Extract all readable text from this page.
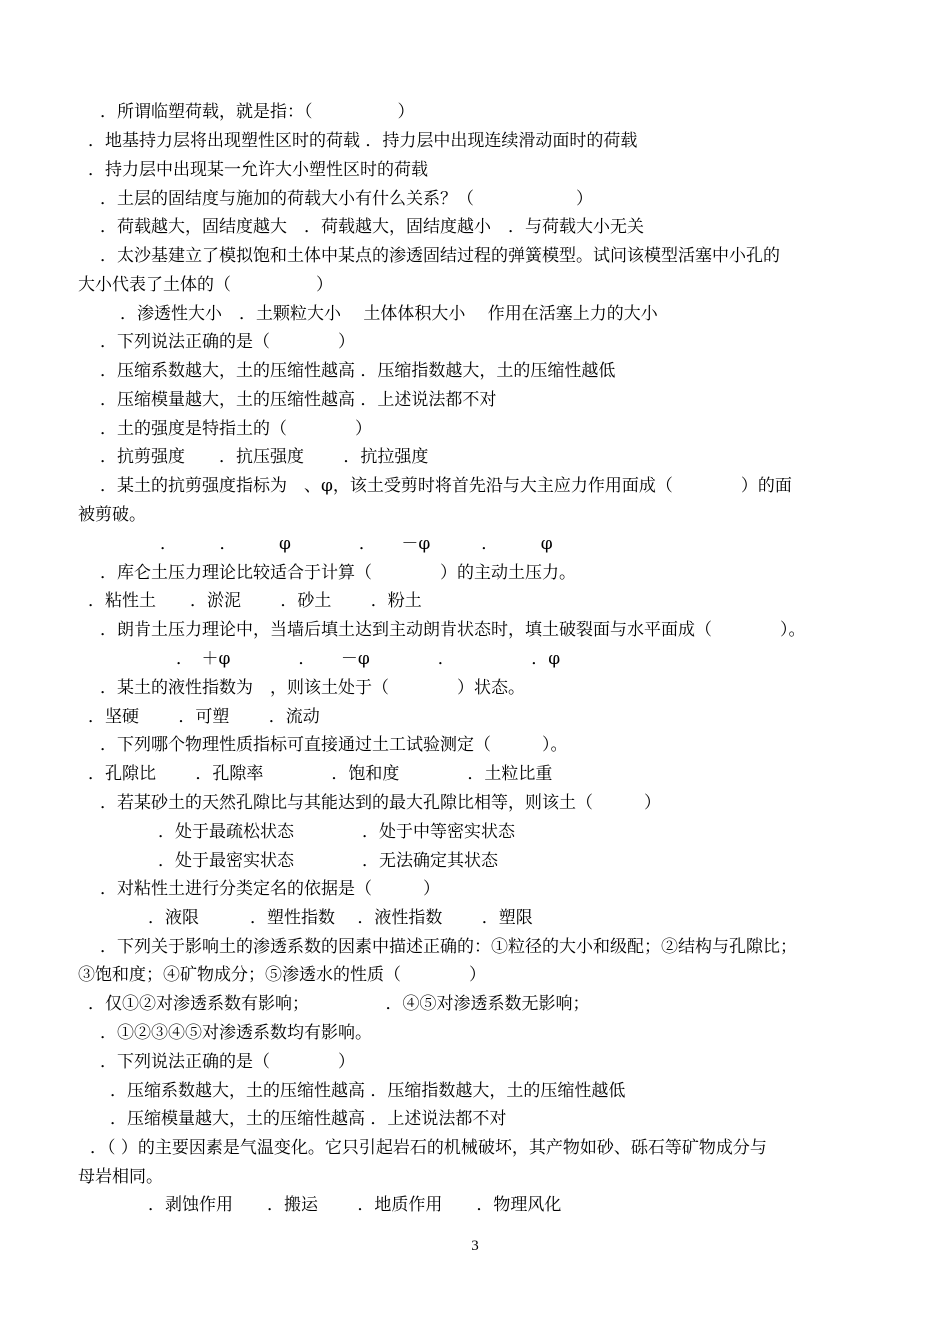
．所谓临塑荷载，就是指：（　　　　　）
．地基持力层将出现塑性区时的荷载 ．持力层中出现连续滑动面时的荷载
．持力层中出现某一允许大小塑性区时的荷载
．土层的固结度与施加的荷载大小有什么关系？（　　　　　　）
．荷载越大，固结度越大　．荷载越大，固结度越小　．与荷载大小无关
．太沙基建立了模拟饱和土体中某点的渗透固结过程的弹簧模型。试问该模型活塞中小孔的
大小代表了土体的（　　　　　）
．渗透性大小　．土颗粒大小　 土体体积大小　 作用在活塞上力的大小
．下列说法正确的是（　　　　）
．压缩系数越大，土的压缩性越高 ．压缩指数越大，土的压缩性越低
．压缩模量越大，土的压缩性越高 ．上述说法都不对
．土的强度是特指土的（　　　　）
．抗剪强度　　．抗压强度　　 ．抗拉强度
．某土的抗剪强度指标为　、φ，该土受剪时将首先沿与大主应力作用面成（　　　　）的面
被剪破。
．　　　．　　　φ　　　　．　　－φ　　　．　　　φ
．库仑土压力理论比较适合于计算（　　　　）的主动土压力。
．粘性土　　．淤泥　　 ．砂土　　 ．粉土
．朗肯土压力理论中，当墙后填土达到主动朗肯状态时，填土破裂面与水平面成（　　　　）。
．　＋φ　　　　．　　－φ　　　　．　　　　　．φ
．某土的液性指数为　，则该土处于（　　　　）状态。
．坚硬　　 ．可塑　　 ．流动
．下列哪个物理性质指标可直接通过土工试验测定（　　　）。
．孔隙比　　 ．孔隙率　　　　．饱和度　　　　．土粒比重
．若某砂土的天然孔隙比与其能达到的最大孔隙比相等，则该土（　　　）
．处于最疏松状态　　　　．处于中等密实状态
．处于最密实状态　　　　．无法确定其状态
．对粘性土进行分类定名的依据是（　　　）
．液限　　　．塑性指数　 ．液性指数　　 ．塑限
．下列关于影响土的渗透系数的因素中描述正确的：①粒径的大小和级配；②结构与孔隙比；
③饱和度；④矿物成分；⑤渗透水的性质（　　　　）
．仅①②对渗透系数有影响；　　　　　．④⑤对渗透系数无影响；
．①②③④⑤对渗透系数均有影响。
．下列说法正确的是（　　　　）
．压缩系数越大，土的压缩性越高 ．压缩指数越大，土的压缩性越低
．压缩模量越大，土的压缩性越高 ．上述说法都不对
．（ ）的主要因素是气温变化。它只引起岩石的机械破坏，其产物如砂、砾石等矿物成分与
母岩相同。
．剥蚀作用　　．搬运　　 ．地质作用　　．物理风化
3
